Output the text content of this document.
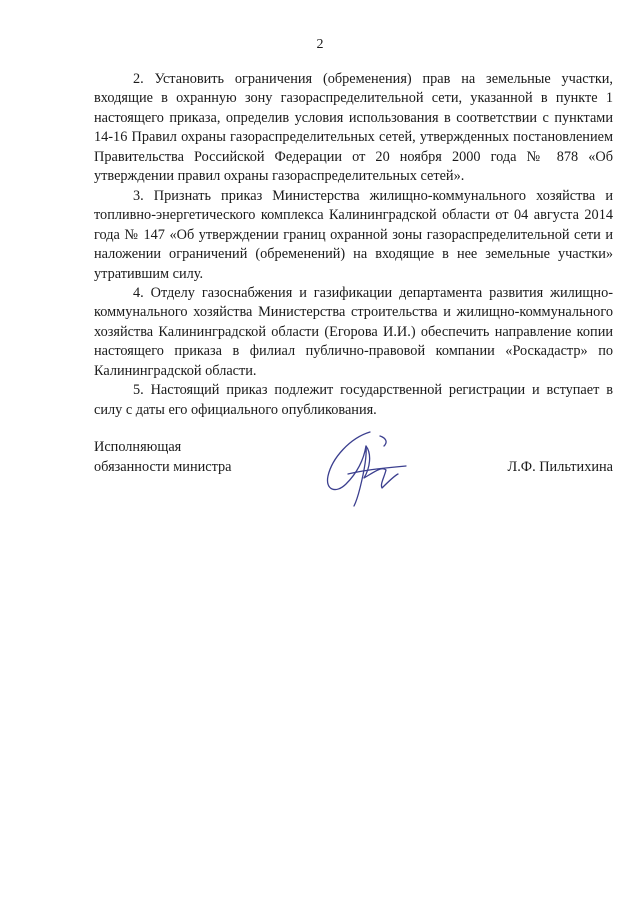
2

2. Установить ограничения (обременения) прав на земельные участки, входящие в охранную зону газораспределительной сети, указанной в пункте 1 настоящего приказа, определив условия использования в соответствии с пунктами 14-16 Правил охраны газораспределительных сетей, утвержденных постановлением Правительства Российской Федерации от 20 ноября 2000 года № 878 «Об утверждении правил охраны газораспределительных сетей».

3. Признать приказ Министерства жилищно-коммунального хозяйства и топливно-энергетического комплекса Калининградской области от 04 августа 2014 года № 147 «Об утверждении границ охранной зоны газораспределительной сети и наложении ограничений (обременений) на входящие в нее земельные участки» утратившим силу.

4. Отделу газоснабжения и газификации департамента развития жилищно-коммунального хозяйства Министерства строительства и жилищно-коммунального хозяйства Калининградской области (Егорова И.И.) обеспечить направление копии настоящего приказа в филиал публично-правовой компании «Роскадастр» по Калининградской области.

5. Настоящий приказ подлежит государственной регистрации и вступает в силу с даты его официального опубликования.

Исполняющая
обязанности министра	Л.Ф. Пильтихина
